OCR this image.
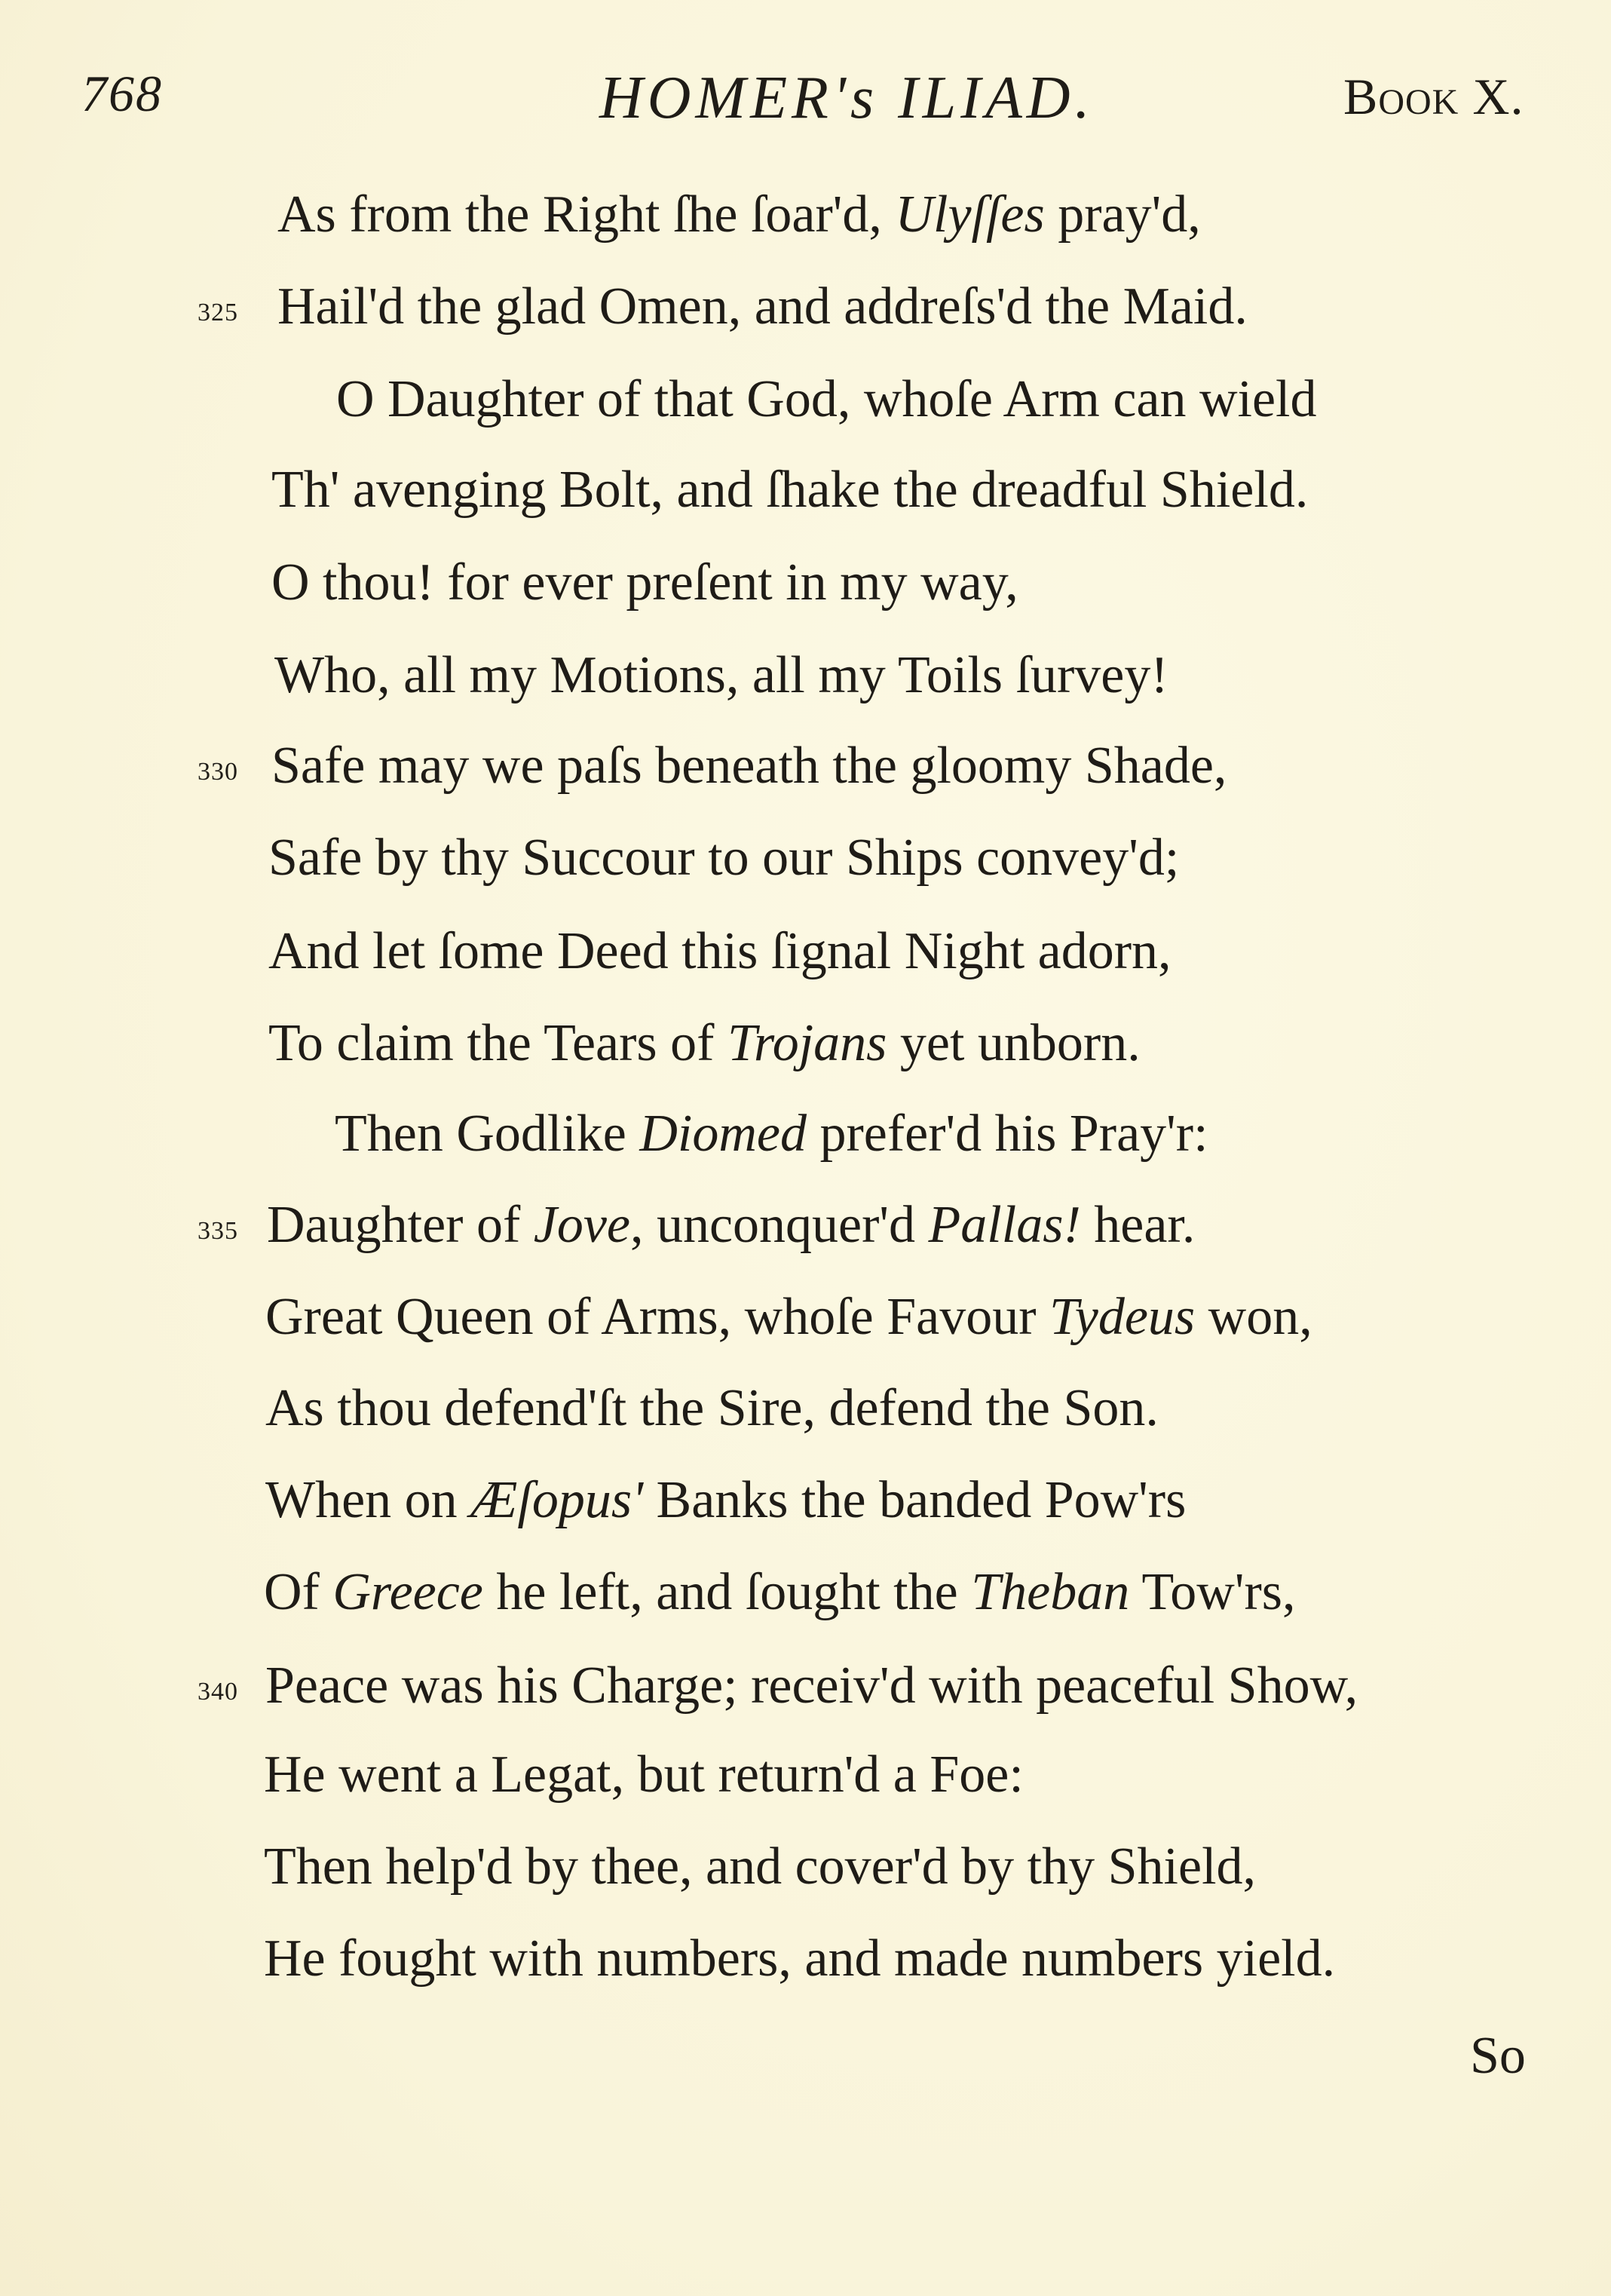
768	HOMER's ILIAD.	Book X.
As from the Right ſhe ſoar'd, Ulyſſes pray'd,
325 Hail'd the glad Omen, and addreſs'd the Maid.
O Daughter of that God, whoſe Arm can wield
Th' avenging Bolt, and ſhake the dreadful Shield.
O thou! for ever preſent in my way,
Who, all my Motions, all my Toils ſurvey!
330 Safe may we paſs beneath the gloomy Shade,
Safe by thy Succour to our Ships convey'd;
And let ſome Deed this ſignal Night adorn,
To claim the Tears of Trojans yet unborn.
Then Godlike Diomed prefer'd his Pray'r:
335 Daughter of Jove, unconquer'd Pallas! hear.
Great Queen of Arms, whoſe Favour Tydeus won,
As thou defend'ſt the Sire, defend the Son.
When on Æſopus' Banks the banded Pow'rs
Of Greece he left, and ſought the Theban Tow'rs,
340 Peace was his Charge; receiv'd with peaceful Show,
He went a Legat, but return'd a Foe:
Then help'd by thee, and cover'd by thy Shield,
He fought with numbers, and made numbers yield.
So
